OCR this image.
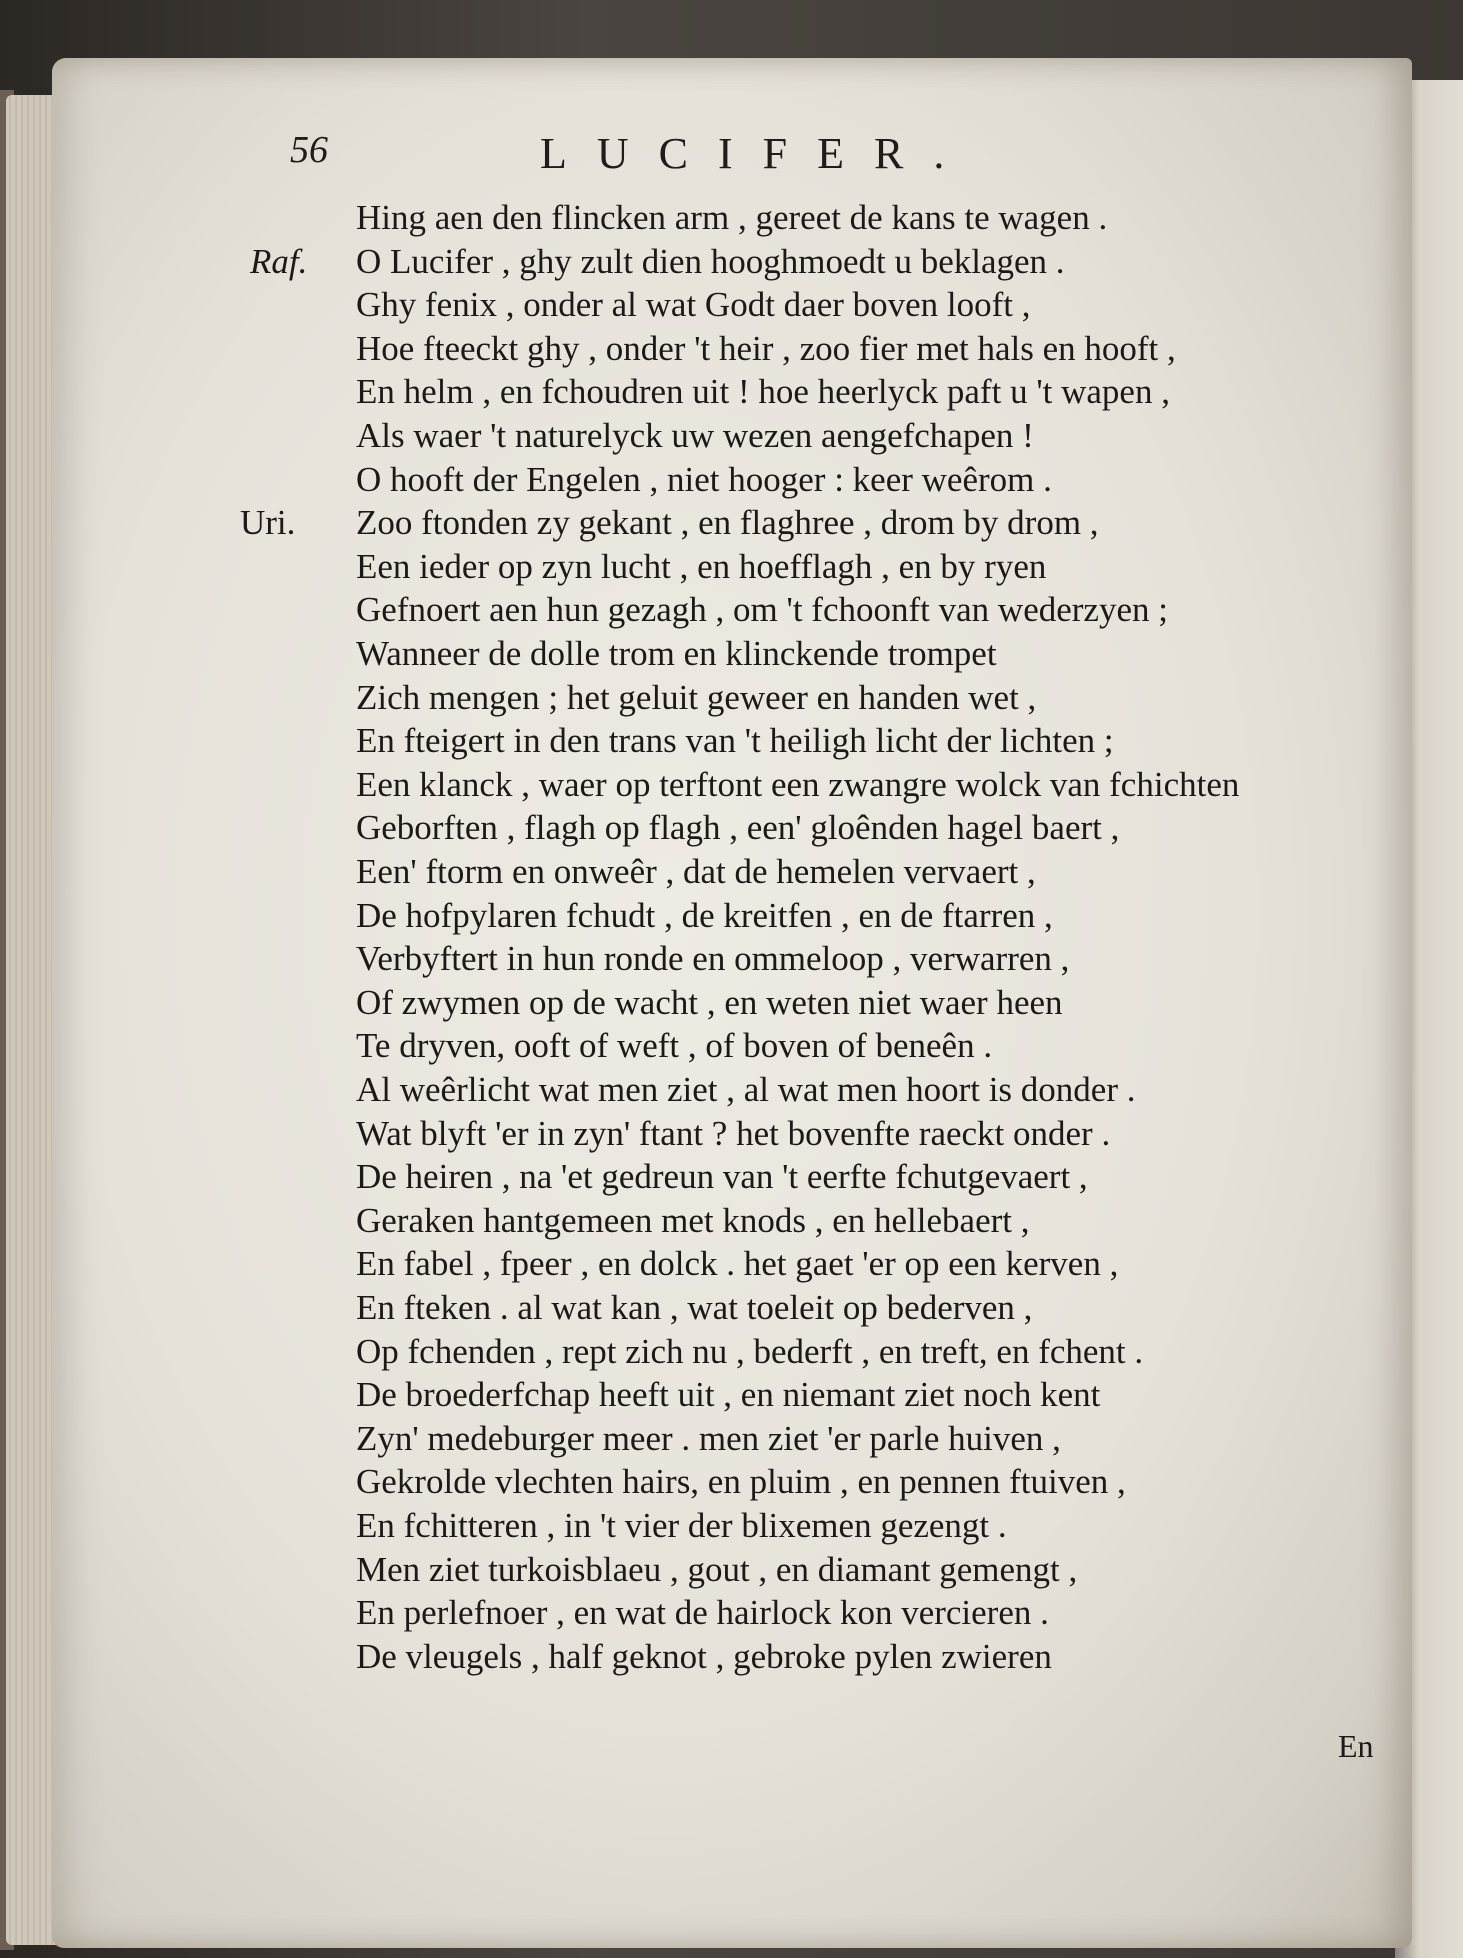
56	LUCIFER.
Hing aen den flincken arm , gereet de kans te wagen .
Raf. O Lucifer , ghy zult dien hooghmoedt u beklagen .
Ghy fenix , onder al wat Godt daer boven looft ,
Hoe fteeckt ghy , onder 't heir , zoo fier met hals en hooft ,
En helm , en fchoudren uit ! hoe heerlyck paft u 't wapen ,
Als waer 't naturelyck uw wezen aengefchapen !
O hooft der Engelen , niet hooger : keer weêrom .
Uri. Zoo ftonden zy gekant , en flaghree , drom by drom ,
Een ieder op zyn lucht , en hoefflagh , en by ryen
Gefnoert aen hun gezagh , om 't fchoonft van wederzyen ;
Wanneer de dolle trom en klinckende trompet
Zich mengen ; het geluit geweer en handen wet ,
En fteigert in den trans van 't heiligh licht der lichten ;
Een klanck , waer op terftont een zwangre wolck van fchichten
Geborften , flagh op flagh , een' gloênden hagel baert ,
Een' ftorm en onweêr , dat de hemelen vervaert ,
De hofpylaren fchudt , de kreitfen , en de ftarren ,
Verbyftert in hun ronde en ommeloop , verwarren ,
Of zwymen op de wacht , en weten niet waer heen
Te dryven, ooft of weft , of boven of beneên .
Al weêrlicht wat men ziet , al wat men hoort is donder .
Wat blyft 'er in zyn' ftant ? het bovenfte raeckt onder .
De heiren , na 'et gedreun van 't eerfte fchutgevaert ,
Geraken hantgemeen met knods , en hellebaert ,
En fabel , fpeer , en dolck . het gaet 'er op een kerven ,
En fteken . al wat kan , wat toeleit op bederven ,
Op fchenden , rept zich nu , bederft , en treft, en fchent .
De broederfchap heeft uit , en niemant ziet noch kent
Zyn' medeburger meer . men ziet 'er parle huiven ,
Gekrolde vlechten hairs, en pluim , en pennen ftuiven ,
En fchitteren , in 't vier der blixemen gezengt .
Men ziet turkoisblaeu , gout , en diamant gemengt ,
En perlefnoer , en wat de hairlock kon vercieren .
De vleugels , half geknot , gebroke pylen zwieren
En
